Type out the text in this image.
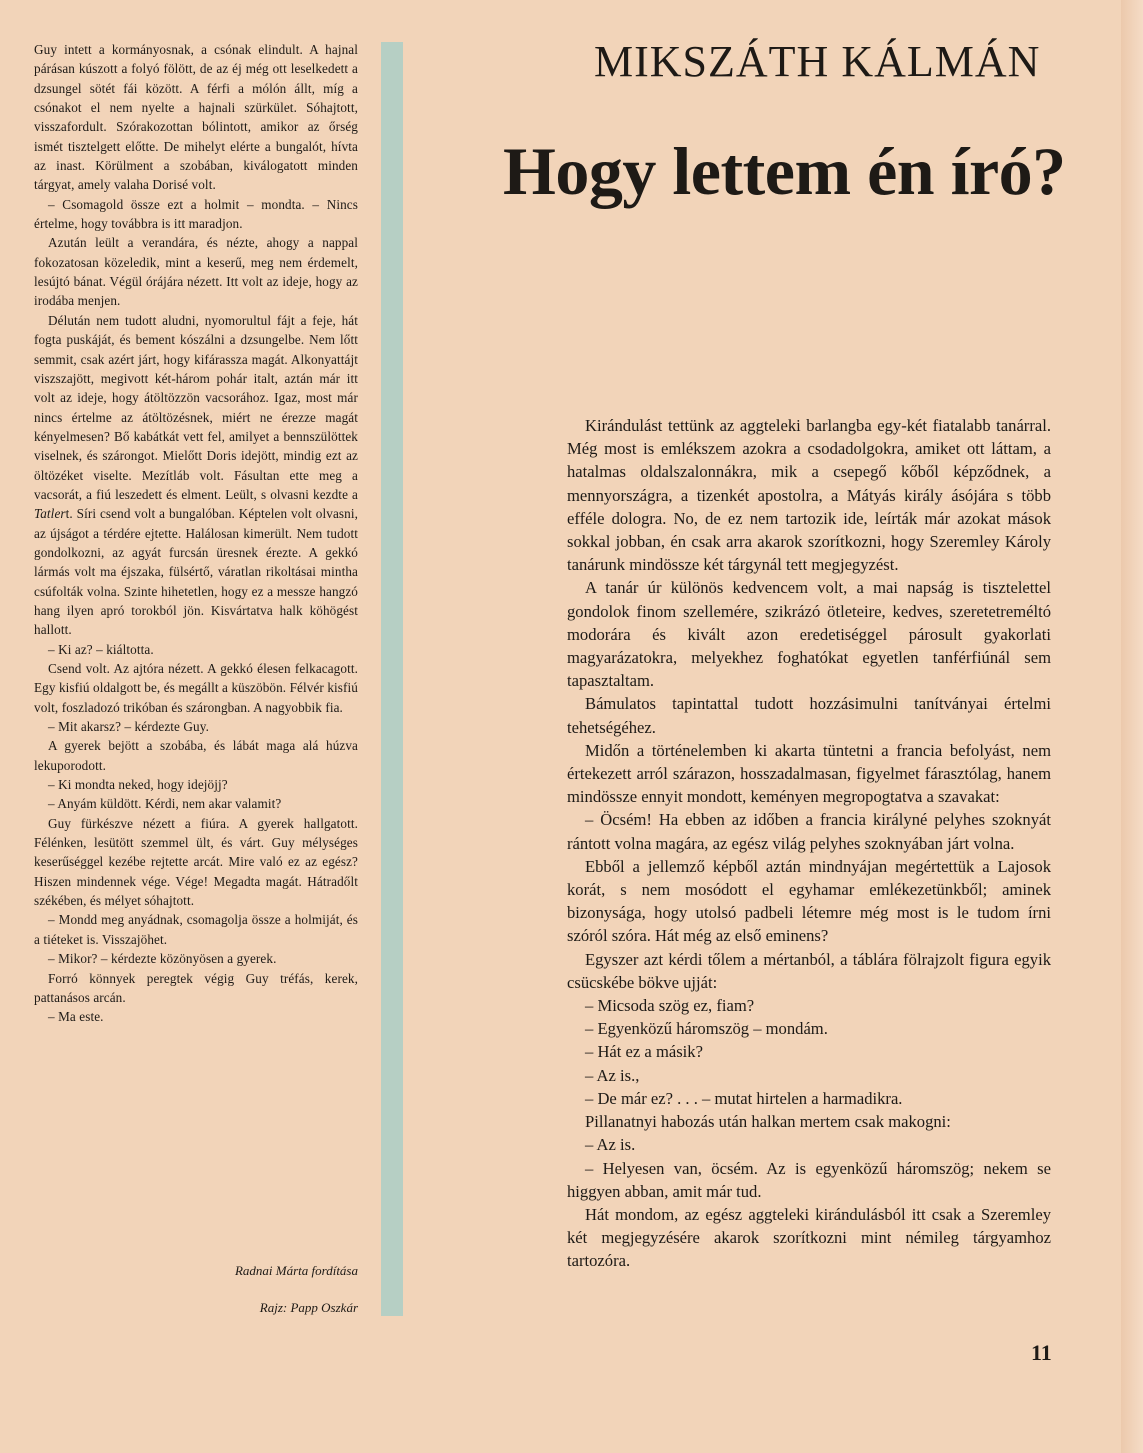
Guy intett a kormányosnak, a csónak elindult. A hajnal párásan kúszott a folyó fölött, de az éj még ott leselkedett a dzsungel sötét fái között. A férfi a mólón állt, míg a csónakot el nem nyelte a hajnali szürkület. Sóhajtott, visszafordult. Szórakozottan bólintott, amikor az őrség ismét tisztelgett előtte. De mihelyt elérte a bungalót, hívta az inast. Körülment a szobában, kiválogatott minden tárgyat, amely valaha Dorisé volt.

– Csomagold össze ezt a holmit – mondta. – Nincs értelme, hogy továbbra is itt maradjon.

Azután leült a verandára, és nézte, ahogy a nappal fokozatosan közeledik, mint a keserű, meg nem érdemelt, lesújtó bánat. Végül órájára nézett. Itt volt az ideje, hogy az irodába menjen.

Délután nem tudott aludni, nyomorultul fájt a feje, hát fogta puskáját, és bement kószálni a dzsungelbe. Nem lőtt semmit, csak azért járt, hogy kifárassza magát. Alkonyattájt viszszajött, megivott két-három pohár italt, aztán már itt volt az ideje, hogy átöltözzön vacsorához. Igaz, most már nincs értelme az átöltözésnek, miért ne érezze magát kényelmesen? Bő kabátkát vett fel, amilyet a bennszülöttek viselnek, és szárongot. Mielőtt Doris idejött, mindig ezt az öltözéket viselte. Mezítláb volt. Fásultan ette meg a vacsorát, a fiú leszedett és elment. Leült, s olvasni kezdte a Tatlert. Síri csend volt a bungalóban. Képtelen volt olvasni, az újságot a térdére ejtette. Halálosan kimerült. Nem tudott gondolkozni, az agyát furcsán üresnek érezte. A gekkó lármás volt ma éjszaka, fülsértő, váratlan rikoltásai mintha csúfolták volna. Szinte hihetetlen, hogy ez a messze hangzó hang ilyen apró torokból jön. Kisvártatva halk köhögést hallott.

– Ki az? – kiáltotta.

Csend volt. Az ajtóra nézett. A gekkó élesen felkacagott. Egy kisfiú oldalgott be, és megállt a küszöbön. Félvér kisfiú volt, foszladozó trikóban és szárongban. A nagyobbik fia.

– Mit akarsz? – kérdezte Guy.

A gyerek bejött a szobába, és lábát maga alá húzva lekuporodott.

– Ki mondta neked, hogy idejöjj?

– Anyám küldött. Kérdi, nem akar valamit?

Guy fürkészve nézett a fiúra. A gyerek hallgatott. Félénken, lesütött szemmel ült, és várt. Guy mélységes keserűséggel kezébe rejtette arcát. Mire való ez az egész? Hiszen mindennek vége. Vége! Megadta magát. Hátradőlt székében, és mélyet sóhajtott.

– Mondd meg anyádnak, csomagolja össze a holmiját, és a tiéteket is. Visszajöhet.

– Mikor? – kérdezte közönyösen a gyerek.

Forró könnyek peregtek végig Guy tréfás, kerek, pattanásos arcán.

– Ma este.

Radnai Márta fordítása
Rajz: Papp Oszkár
MIKSZÁTH KÁLMÁN
Hogy lettem én író?

Kirándulást tettünk az aggteleki barlangba egy-két fiatalabb tanárral. Még most is emlékszem azokra a csodadolgokra, amiket ott láttam, a hatalmas oldalszalonnákra, mik a csepegő kőből képződnek, a mennyországra, a tizenkét apostolra, a Mátyás király ásójára s több efféle dologra. No, de ez nem tartozik ide, leírták már azokat mások sokkal jobban, én csak arra akarok szorítkozni, hogy Szeremley Károly tanárunk mindössze két tárgynál tett megjegyzést.

A tanár úr különös kedvencem volt, a mai napság is tisztelettel gondolok finom szellemére, szikrázó ötleteire, kedves, szeretetreméltó modorára és kivált azon eredetiséggel párosult gyakorlati magyarázatokra, melyekhez foghatókat egyetlen tanférfiúnál sem tapasztaltam.

Bámulatos tapintattal tudott hozzásimulni tanítványai értelmi tehetségéhez.

Midőn a történelemben ki akarta tüntetni a francia befolyást, nem értekezett arról szárazon, hosszadalmasan, figyelmet fárasztólag, hanem mindössze ennyit mondott, keményen megropogtatva a szavakat:

– Öcsém! Ha ebben az időben a francia királyné pelyhes szoknyát rántott volna magára, az egész világ pelyhes szoknyában járt volna.

Ebből a jellemző képből aztán mindnyájan megértettük a Lajosok korát, s nem mosódott el egyhamar emlékezetünkből; aminek bizonysága, hogy utolsó padbeli létemre még most is le tudom írni szóról szóra. Hát még az első eminens?

Egyszer azt kérdi tőlem a mértanból, a táblára fölrajzolt figura egyik csücskébe bökve ujját:

– Micsoda szög ez, fiam?

– Egyenközű háromszög – mondám.

– Hát ez a másik?

– Az is.,

– De már ez? . . . – mutat hirtelen a harmadikra.

Pillanatnyi habozás után halkan mertem csak makogni:

– Az is.

– Helyesen van, öcsém. Az is egyenközű háromszög; nekem se higgyen abban, amit már tud.

Hát mondom, az egész aggteleki kirándulásból itt csak a Szeremley két megjegyzésére akarok szorítkozni mint némileg tárgyamhoz tartozóra.

11
